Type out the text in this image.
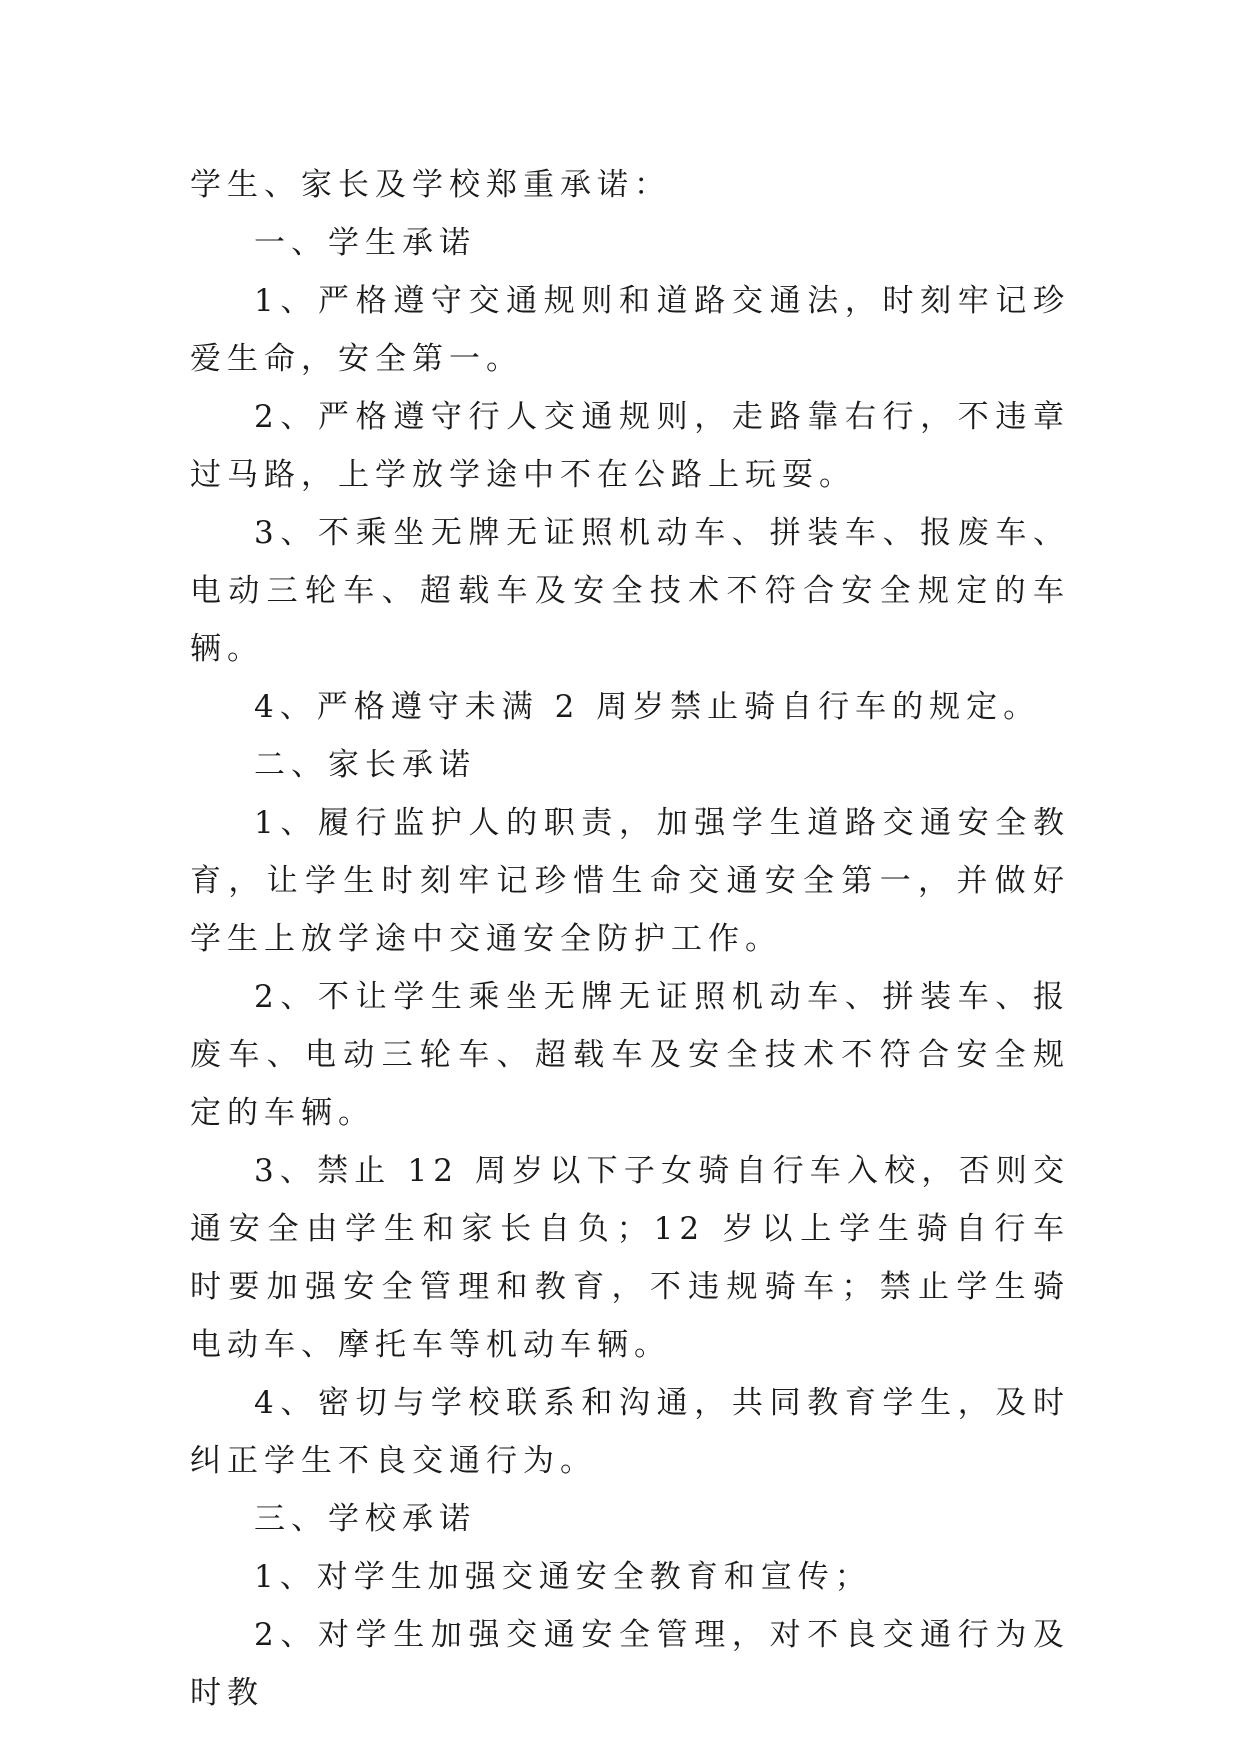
学生、家长及学校郑重承诺：

一、学生承诺

1、严格遵守交通规则和道路交通法，时刻牢记珍爱生命，安全第一。

2、严格遵守行人交通规则，走路靠右行，不违章过马路，上学放学途中不在公路上玩耍。

3、不乘坐无牌无证照机动车、拼装车、报废车、电动三轮车、超载车及安全技术不符合安全规定的车辆。

4、严格遵守未满 2 周岁禁止骑自行车的规定。

二、家长承诺

1、履行监护人的职责，加强学生道路交通安全教育，让学生时刻牢记珍惜生命交通安全第一，并做好学生上放学途中交通安全防护工作。

2、不让学生乘坐无牌无证照机动车、拼装车、报废车、电动三轮车、超载车及安全技术不符合安全规定的车辆。

3、禁止 12 周岁以下子女骑自行车入校，否则交通安全由学生和家长自负；12 岁以上学生骑自行车时要加强安全管理和教育，不违规骑车；禁止学生骑电动车、摩托车等机动车辆。

4、密切与学校联系和沟通，共同教育学生，及时纠正学生不良交通行为。

三、学校承诺

1、对学生加强交通安全教育和宣传；

2、对学生加强交通安全管理，对不良交通行为及时教
